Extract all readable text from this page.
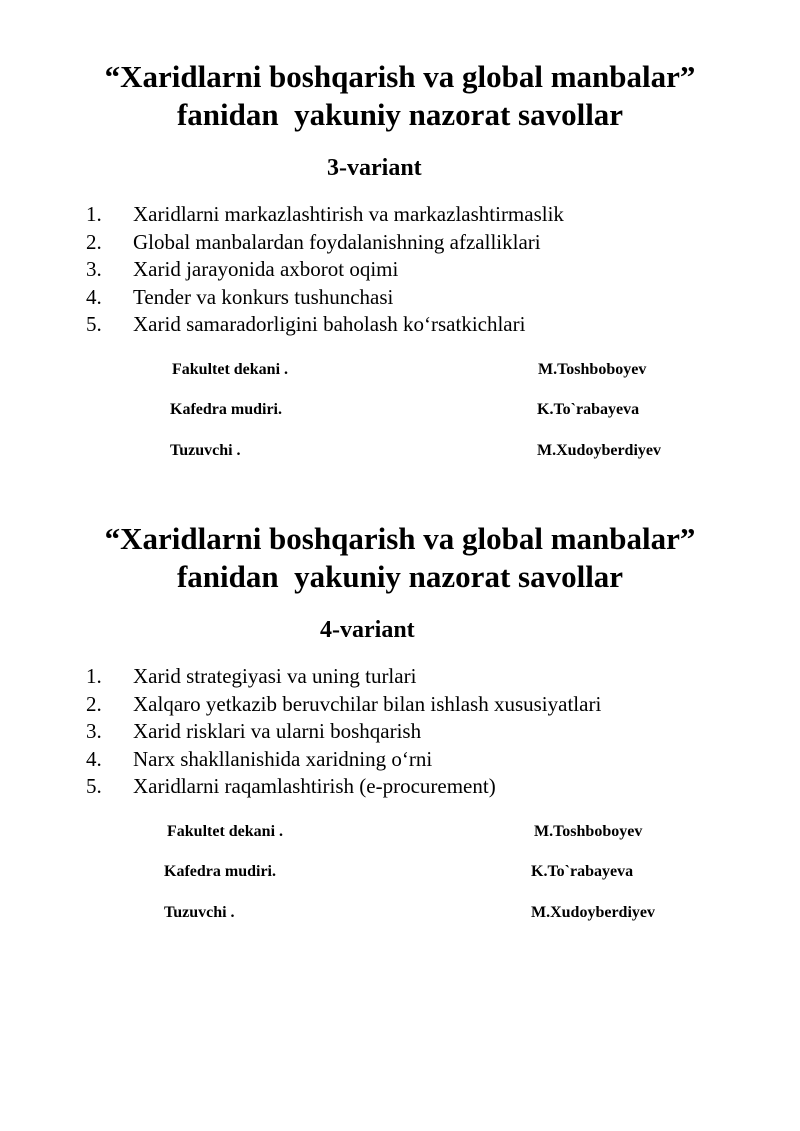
“Xaridlarni boshqarish va global manbalar”
fanidan  yakuniy nazorat savollar
3-variant
1. Xaridlarni markazlashtirish va markazlashtirmaslik
2. Global manbalardan foydalanishning afzalliklari
3. Xarid jarayonida axborot oqimi
4. Tender va konkurs tushunchasi
5. Xarid samaradorligini baholash ko‘rsatkichlari
Fakultet dekani .	M.Toshboboyev
Kafedra mudiri.	K.To`rabayeva
Tuzuvchi .	M.Xudoyberdiyev
“Xaridlarni boshqarish va global manbalar”
fanidan  yakuniy nazorat savollar
4-variant
1. Xarid strategiyasi va uning turlari
2. Xalqaro yetkazib beruvchilar bilan ishlash xususiyatlari
3. Xarid risklari va ularni boshqarish
4. Narx shakllanishida xaridning o‘rni
5. Xaridlarni raqamlashtirish (e-procurement)
Fakultet dekani .	M.Toshboboyev
Kafedra mudiri.	K.To`rabayeva
Tuzuvchi .	M.Xudoyberdiyev
